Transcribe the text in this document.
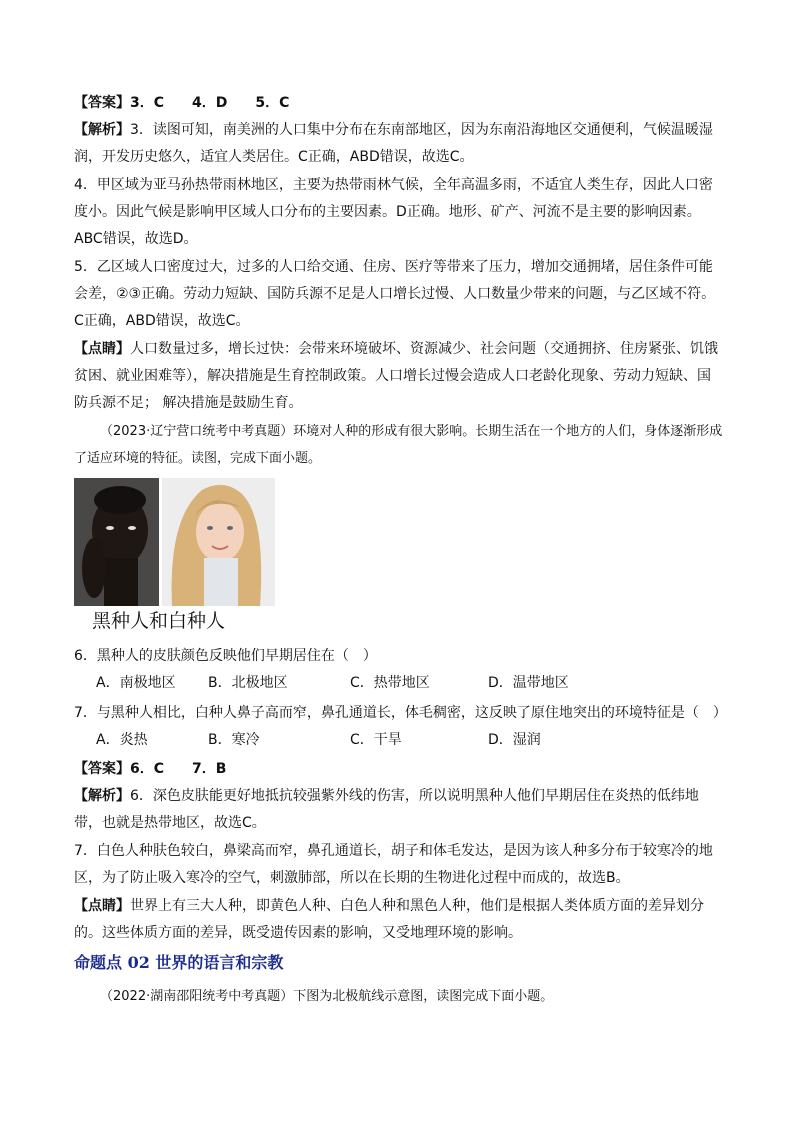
【答案】3．C　　4．D　　5．C

【解析】3．读图可知，南美洲的人口集中分布在东南部地区，因为东南沿海地区交通便利，气候温暖湿润，开发历史悠久，适宜人类居住。C正确，ABD错误，故选C。

4．甲区域为亚马孙热带雨林地区，主要为热带雨林气候，全年高温多雨，不适宜人类生存，因此人口密度小。因此气候是影响甲区域人口分布的主要因素。D正确。地形、矿产、河流不是主要的影响因素。ABC错误，故选D。

5．乙区域人口密度过大，过多的人口给交通、住房、医疗等带来了压力，增加交通拥堵，居住条件可能会差，②③正确。劳动力短缺、国防兵源不足是人口增长过慢、人口数量少带来的问题，与乙区域不符。C正确，ABD错误，故选C。

【点睛】人口数量过多，增长过快：会带来环境破坏、资源减少、社会问题（交通拥挤、住房紧张、饥饿贫困、就业困难等），解决措施是生育控制政策。人口增长过慢会造成人口老龄化现象、劳动力短缺、国防兵源不足； 解决措施是鼓励生育。

（2023·辽宁营口统考中考真题）环境对人种的形成有很大影响。长期生活在一个地方的人们，身体逐渐形成了适应环境的特征。读图，完成下面小题。

黑种人和白种人

6．黑种人的皮肤颜色反映他们早期居住在（　）

A．南极地区 B．北极地区	C．热带地区	D．温带地区

7．与黑种人相比，白种人鼻子高而窄，鼻孔通道长，体毛稠密，这反映了原住地突出的环境特征是（　）

A．炎热	B．寒冷	C．干旱	D．湿润

【答案】6．C　　7．B

【解析】6．深色皮肤能更好地抵抗较强紫外线的伤害，所以说明黑种人他们早期居住在炎热的低纬地带，也就是热带地区，故选C。

7．白色人种肤色较白，鼻梁高而窄，鼻孔通道长，胡子和体毛发达，是因为该人种多分布于较寒冷的地区，为了防止吸入寒冷的空气，刺激肺部，所以在长期的生物进化过程中而成的，故选B。

【点睛】世界上有三大人种，即黄色人种、白色人种和黑色人种，他们是根据人类体质方面的差异划分的。这些体质方面的差异，既受遗传因素的影响，又受地理环境的影响。

命题点 02 世界的语言和宗教

（2022·湖南邵阳统考中考真题）下图为北极航线示意图，读图完成下面小题。
